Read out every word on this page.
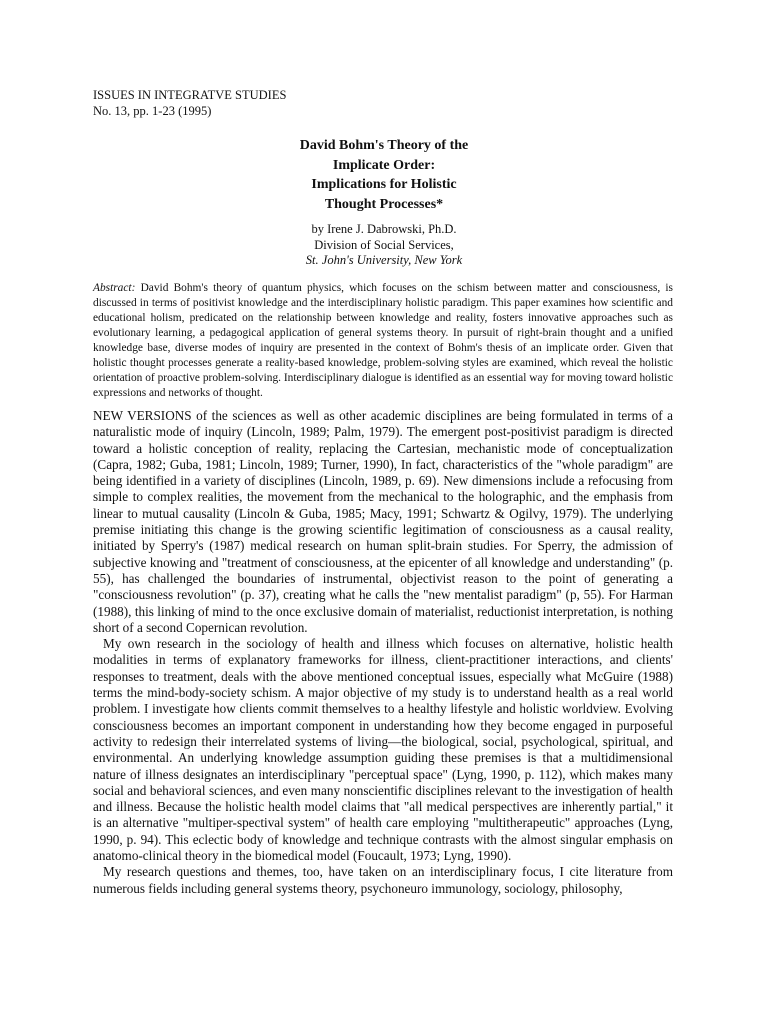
ISSUES IN INTEGRATVE STUDIES
No. 13, pp. 1-23 (1995)
David Bohm's Theory of the
Implicate Order:
Implications for Holistic
Thought Processes*
by Irene J. Dabrowski, Ph.D.
Division of Social Services,
St. John's University, New York
Abstract: David Bohm's theory of quantum physics, which focuses on the schism between matter and consciousness, is discussed in terms of positivist knowledge and the interdisciplinary holistic paradigm. This paper examines how scientific and educational holism, predicated on the relationship between knowledge and reality, fosters innovative approaches such as evolutionary learning, a pedagogical application of general systems theory. In pursuit of right-brain thought and a unified knowledge base, diverse modes of inquiry are presented in the context of Bohm's thesis of an implicate order. Given that holistic thought processes generate a reality-based knowledge, problem-solving styles are examined, which reveal the holistic orientation of proactive problem-solving. Interdisciplinary dialogue is identified as an essential way for moving toward holistic expressions and networks of thought.

NEW VERSIONS of the sciences as well as other academic disciplines are being formulated in terms of a naturalistic mode of inquiry (Lincoln, 1989; Palm, 1979). The emergent post-positivist paradigm is directed toward a holistic conception of reality, replacing the Cartesian, mechanistic mode of conceptualization (Capra, 1982; Guba, 1981; Lincoln, 1989; Turner, 1990), In fact, characteristics of the "whole paradigm" are being identified in a variety of disciplines (Lincoln, 1989, p. 69). New dimensions include a refocusing from simple to complex realities, the movement from the mechanical to the holographic, and the emphasis from linear to mutual causality (Lincoln & Guba, 1985; Macy, 1991; Schwartz & Ogilvy, 1979). The underlying premise initiating this change is the growing scientific legitimation of consciousness as a causal reality, initiated by Sperry's (1987) medical research on human split-brain studies. For Sperry, the admission of subjective knowing and "treatment of consciousness, at the epicenter of all knowledge and understanding" (p. 55), has challenged the boundaries of instrumental, objectivist reason to the point of generating a "consciousness revolution" (p. 37), creating what he calls the "new mentalist paradigm" (p, 55). For Harman (1988), this linking of mind to the once exclusive domain of materialist, reductionist interpretation, is nothing short of a second Copernican revolution.

My own research in the sociology of health and illness which focuses on alternative, holistic health modalities in terms of explanatory frameworks for illness, client-practitioner interactions, and clients' responses to treatment, deals with the above mentioned conceptual issues, especially what McGuire (1988) terms the mind-body-society schism. A major objective of my study is to understand health as a real world problem. I investigate how clients commit themselves to a healthy lifestyle and holistic worldview. Evolving consciousness becomes an important component in understanding how they become engaged in purposeful activity to redesign their interrelated systems of living—the biological, social, psychological, spiritual, and environmental. An underlying knowledge assumption guiding these premises is that a multidimensional nature of illness designates an interdisciplinary "perceptual space" (Lyng, 1990, p. 112), which makes many social and behavioral sciences, and even many nonscientific disciplines relevant to the investigation of health and illness. Because the holistic health model claims that "all medical perspectives are inherently partial," it is an alternative "multiper-spectival system" of health care employing "multitherapeutic" approaches (Lyng, 1990, p. 94). This eclectic body of knowledge and technique contrasts with the almost singular emphasis on anatomo-clinical theory in the biomedical model (Foucault, 1973; Lyng, 1990).

My research questions and themes, too, have taken on an interdisciplinary focus, I cite literature from numerous fields including general systems theory, psychoneuro immunology, sociology, philosophy,
